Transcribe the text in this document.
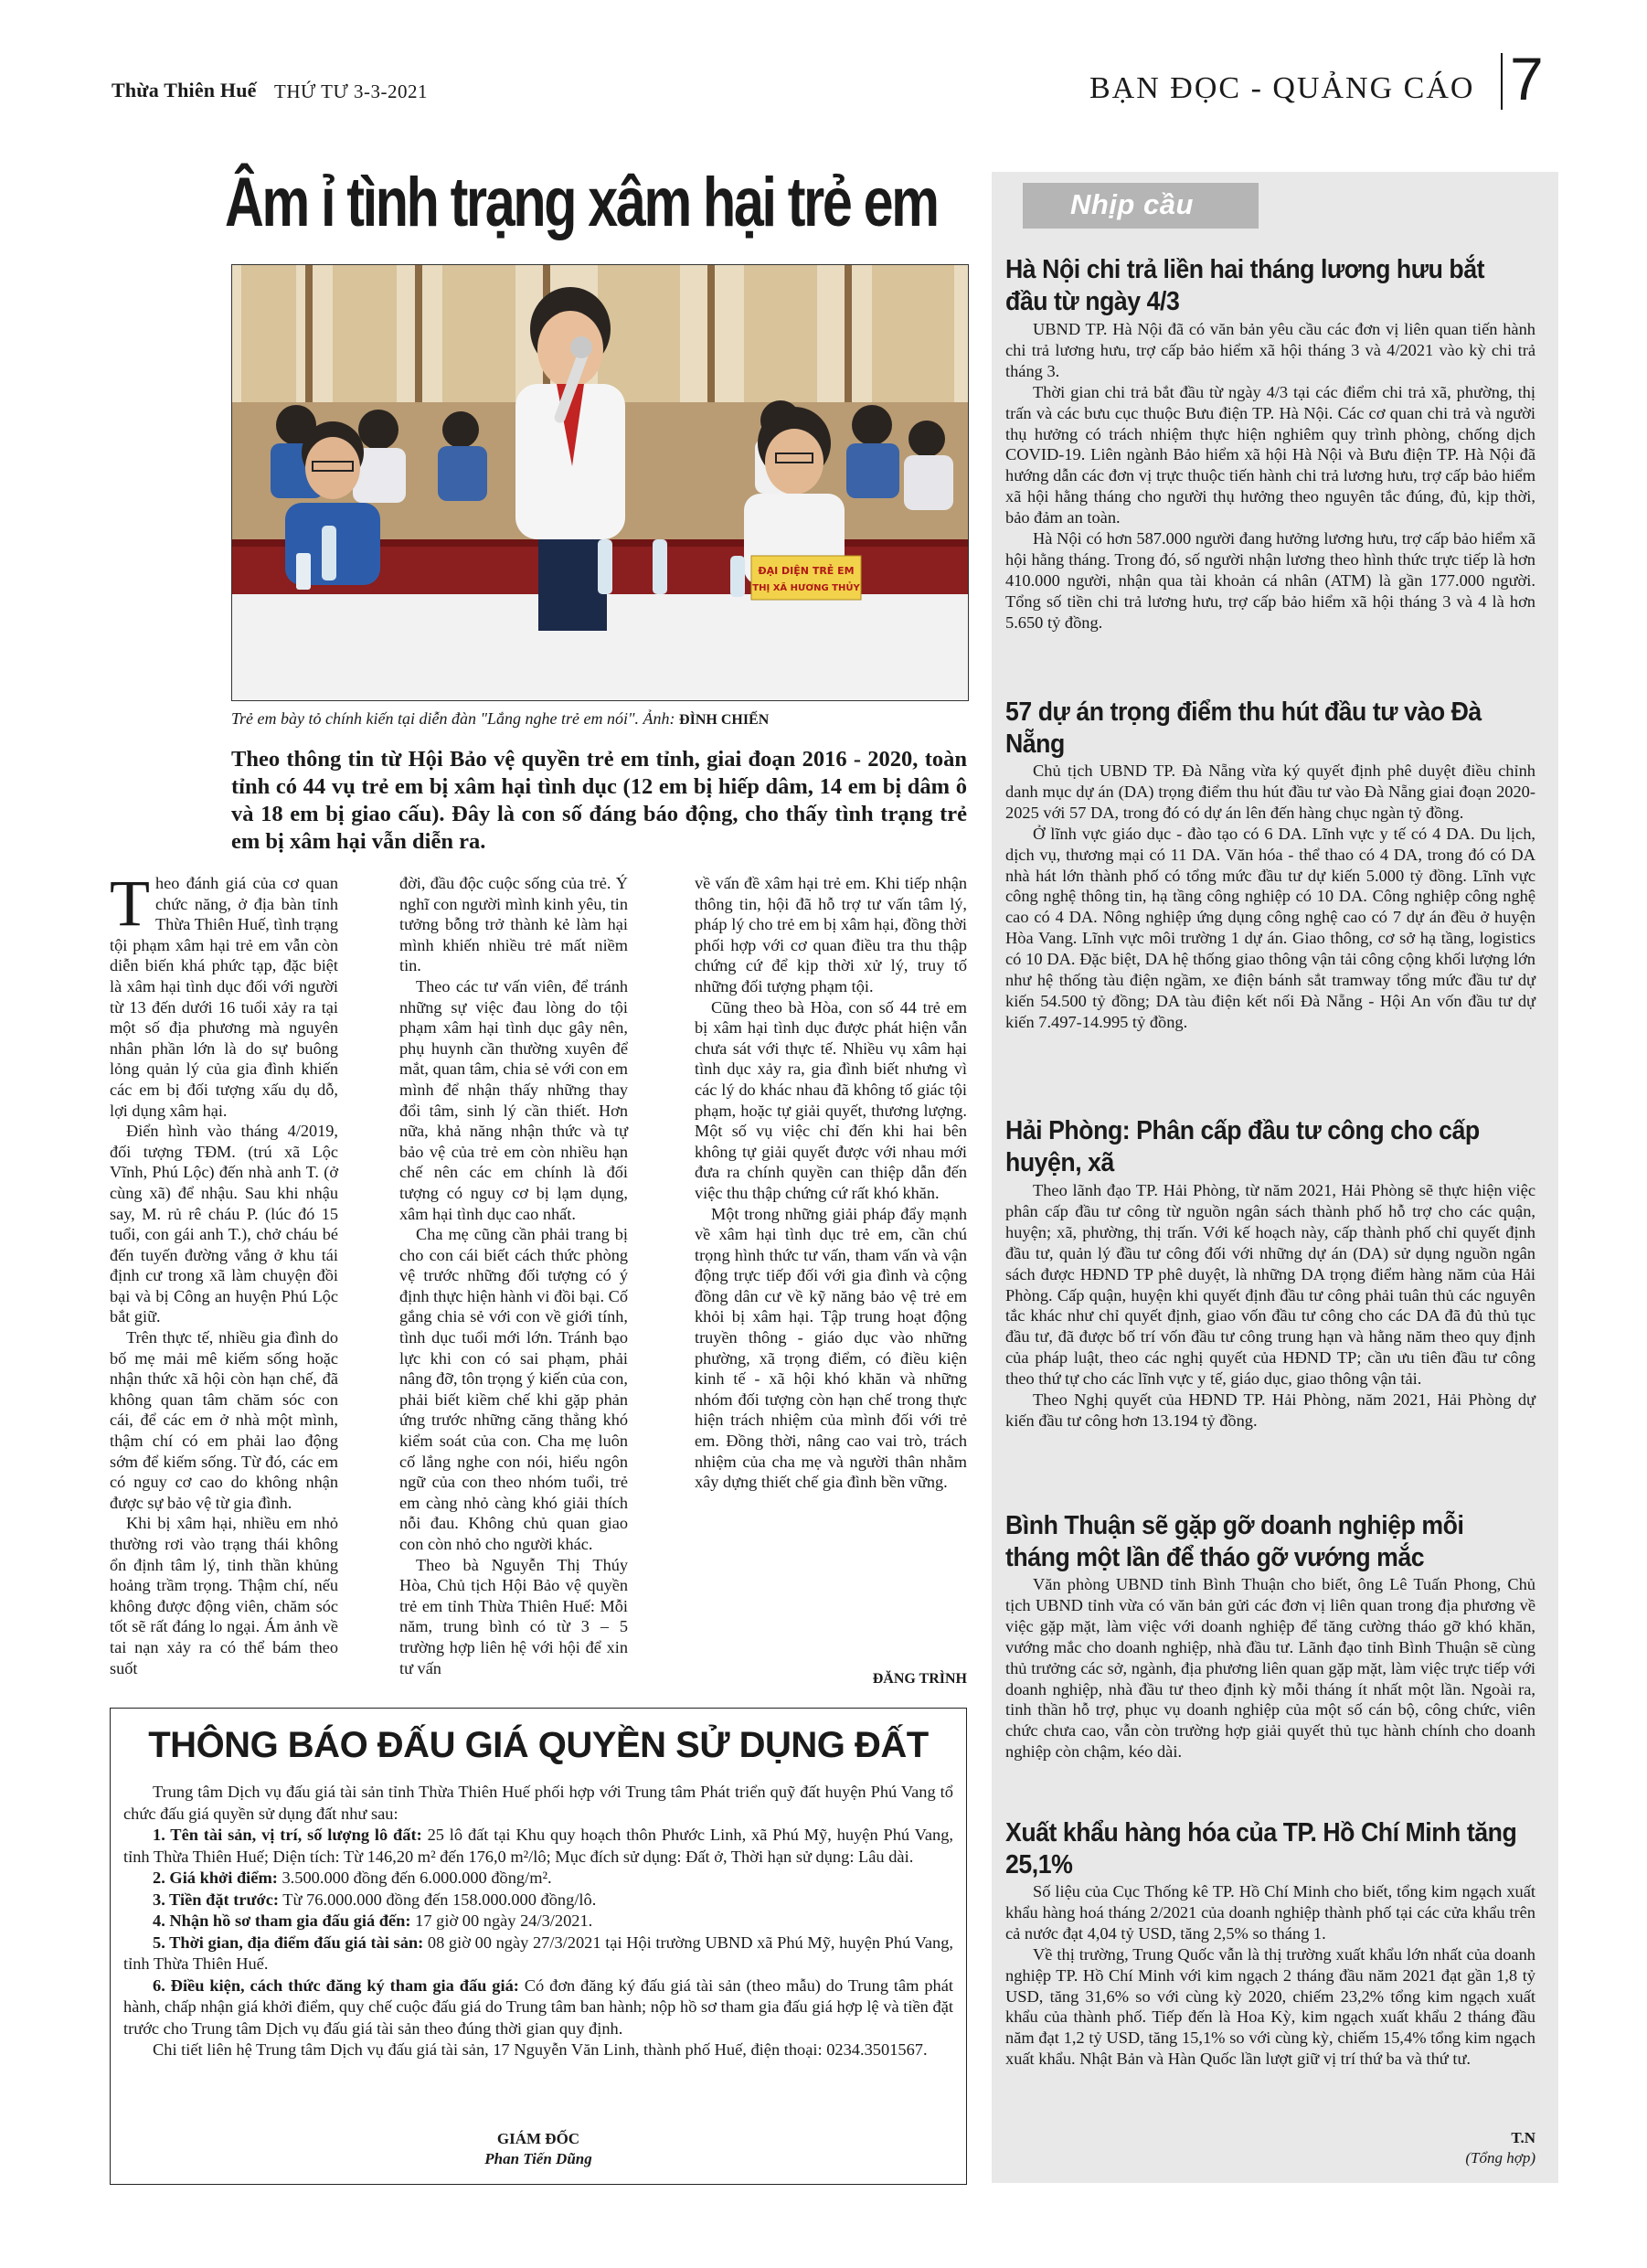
Thừa Thiên Huế THỨ TƯ 3-3-2021	BẠN ĐỌC - QUẢNG CÁO 7
Âm ỉ tình trạng xâm hại trẻ em
ĐẠI DIỆN TRẺ EM
THỊ XÃ HƯƠNG THỦY
Trẻ em bày tỏ chính kiến tại diễn đàn "Lắng nghe trẻ em nói". Ảnh: ĐÌNH CHIẾN
Theo thông tin từ Hội Bảo vệ quyền trẻ em tỉnh, giai đoạn 2016 - 2020, toàn tỉnh có 44 vụ trẻ em bị xâm hại tình dục (12 em bị hiếp dâm, 14 em bị dâm ô và 18 em bị giao cấu). Đây là con số đáng báo động, cho thấy tình trạng trẻ em bị xâm hại vẫn diễn ra.

Theo đánh giá của cơ quan chức năng, ở địa bàn tỉnh Thừa Thiên Huế, tình trạng tội phạm xâm hại trẻ em vẫn còn diễn biến khá phức tạp, đặc biệt là xâm hại tình dục đối với người từ 13 đến dưới 16 tuổi xảy ra tại một số địa phương mà nguyên nhân phần lớn là do sự buông lỏng quản lý của gia đình khiến các em bị đối tượng xấu dụ dỗ, lợi dụng xâm hại.

Điển hình vào tháng 4/2019, đối tượng TĐM. (trú xã Lộc Vĩnh, Phú Lộc) đến nhà anh T. (ở cùng xã) để nhậu. Sau khi nhậu say, M. rủ rê cháu P. (lúc đó 15 tuổi, con gái anh T.), chở cháu bé đến tuyến đường vắng ở khu tái định cư trong xã làm chuyện đồi bại và bị Công an huyện Phú Lộc bắt giữ.

Trên thực tế, nhiều gia đình do bố mẹ mải mê kiếm sống hoặc nhận thức xã hội còn hạn chế, đã không quan tâm chăm sóc con cái, để các em ở nhà một mình, thậm chí có em phải lao động sớm để kiếm sống. Từ đó, các em có nguy cơ cao do không nhận được sự bảo vệ từ gia đình.

Khi bị xâm hại, nhiều em nhỏ thường rơi vào trạng thái không ổn định tâm lý, tinh thần khủng hoảng trầm trọng. Thậm chí, nếu không được động viên, chăm sóc tốt sẽ rất đáng lo ngại. Ám ảnh về tai nạn xảy ra có thể bám theo suốt

đời, đầu độc cuộc sống của trẻ. Ý nghĩ con người mình kinh yêu, tin tưởng bỗng trở thành kẻ làm hại mình khiến nhiều trẻ mất niềm tin.

Theo các tư vấn viên, để tránh những sự việc đau lòng do tội phạm xâm hại tình dục gây nên, phụ huynh cần thường xuyên để mắt, quan tâm, chia sẻ với con em mình để nhận thấy những thay đổi tâm, sinh lý cần thiết. Hơn nữa, khả năng nhận thức và tự bảo vệ của trẻ em còn nhiều hạn chế nên các em chính là đối tượng có nguy cơ bị lạm dụng, xâm hại tình dục cao nhất.

Cha mẹ cũng cần phải trang bị cho con cái biết cách thức phòng vệ trước những đối tượng có ý định thực hiện hành vi đồi bại. Cố gắng chia sẻ với con về giới tính, tình dục tuổi mới lớn. Tránh bạo lực khi con có sai phạm, phải nâng đỡ, tôn trọng ý kiến của con, phải biết kiềm chế khi gặp phản ứng trước những căng thẳng khó kiểm soát của con. Cha mẹ luôn cố lắng nghe con nói, hiểu ngôn ngữ của con theo nhóm tuổi, trẻ em càng nhỏ càng khó giải thích nỗi đau. Không chủ quan giao con còn nhỏ cho người khác.

Theo bà Nguyễn Thị Thúy Hòa, Chủ tịch Hội Bảo vệ quyền trẻ em tỉnh Thừa Thiên Huế: Mỗi năm, trung bình có từ 3 – 5 trường hợp liên hệ với hội để xin tư vấn

về vấn đề xâm hại trẻ em. Khi tiếp nhận thông tin, hội đã hỗ trợ tư vấn tâm lý, pháp lý cho trẻ em bị xâm hại, đồng thời phối hợp với cơ quan điều tra thu thập chứng cứ để kịp thời xử lý, truy tố những đối tượng phạm tội.

Cũng theo bà Hòa, con số 44 trẻ em bị xâm hại tình dục được phát hiện vẫn chưa sát với thực tế. Nhiều vụ xâm hại tình dục xảy ra, gia đình biết nhưng vì các lý do khác nhau đã không tố giác tội phạm, hoặc tự giải quyết, thương lượng. Một số vụ việc chỉ đến khi hai bên không tự giải quyết được với nhau mới đưa ra chính quyền can thiệp dẫn đến việc thu thập chứng cứ rất khó khăn.

Một trong những giải pháp đẩy mạnh về xâm hại tình dục trẻ em, cần chú trọng hình thức tư vấn, tham vấn và vận động trực tiếp đối với gia đình và cộng đồng dân cư về kỹ năng bảo vệ trẻ em khỏi bị xâm hại. Tập trung hoạt động truyền thông - giáo dục vào những phường, xã trọng điểm, có điều kiện kinh tế - xã hội khó khăn và những nhóm đối tượng còn hạn chế trong thực hiện trách nhiệm của mình đối với trẻ em. Đồng thời, nâng cao vai trò, trách nhiệm của cha mẹ và người thân nhằm xây dựng thiết chế gia đình bền vững.

ĐĂNG TRÌNH
THÔNG BÁO ĐẤU GIÁ QUYỀN SỬ DỤNG ĐẤT

Trung tâm Dịch vụ đấu giá tài sản tỉnh Thừa Thiên Huế phối hợp với Trung tâm Phát triển quỹ đất huyện Phú Vang tổ chức đấu giá quyền sử dụng đất như sau:

1. Tên tài sản, vị trí, số lượng lô đất: 25 lô đất tại Khu quy hoạch thôn Phước Linh, xã Phú Mỹ, huyện Phú Vang, tỉnh Thừa Thiên Huế; Diện tích: Từ 146,20 m² đến 176,0 m²/lô; Mục đích sử dụng: Đất ở, Thời hạn sử dụng: Lâu dài.

2. Giá khởi điểm: 3.500.000 đồng đến 6.000.000 đồng/m².

3. Tiền đặt trước: Từ 76.000.000 đồng đến 158.000.000 đồng/lô.

4. Nhận hồ sơ tham gia đấu giá đến: 17 giờ 00 ngày 24/3/2021.

5. Thời gian, địa điểm đấu giá tài sản: 08 giờ 00 ngày 27/3/2021 tại Hội trường UBND xã Phú Mỹ, huyện Phú Vang, tỉnh Thừa Thiên Huế.

6. Điều kiện, cách thức đăng ký tham gia đấu giá: Có đơn đăng ký đấu giá tài sản (theo mẫu) do Trung tâm phát hành, chấp nhận giá khởi điểm, quy chế cuộc đấu giá do Trung tâm ban hành; nộp hồ sơ tham gia đấu giá hợp lệ và tiền đặt trước cho Trung tâm Dịch vụ đấu giá tài sản theo đúng thời gian quy định.

Chi tiết liên hệ Trung tâm Dịch vụ đấu giá tài sản, 17 Nguyễn Văn Linh, thành phố Huế, điện thoại: 0234.3501567.

GIÁM ĐỐC
Phan Tiến Dũng
Nhịp cầu
Hà Nội chi trả liền hai tháng lương hưu bắt đầu từ ngày 4/3

UBND TP. Hà Nội đã có văn bản yêu cầu các đơn vị liên quan tiến hành chi trả lương hưu, trợ cấp bảo hiểm xã hội tháng 3 và 4/2021 vào kỳ chi trả tháng 3.

Thời gian chi trả bắt đầu từ ngày 4/3 tại các điểm chi trả xã, phường, thị trấn và các bưu cục thuộc Bưu điện TP. Hà Nội. Các cơ quan chi trả và người thụ hưởng có trách nhiệm thực hiện nghiêm quy trình phòng, chống dịch COVID-19. Liên ngành Bảo hiểm xã hội Hà Nội và Bưu điện TP. Hà Nội đã hướng dẫn các đơn vị trực thuộc tiến hành chi trả lương hưu, trợ cấp bảo hiểm xã hội hằng tháng cho người thụ hưởng theo nguyên tắc đúng, đủ, kịp thời, bảo đảm an toàn.

Hà Nội có hơn 587.000 người đang hưởng lương hưu, trợ cấp bảo hiểm xã hội hằng tháng. Trong đó, số người nhận lương theo hình thức trực tiếp là hơn 410.000 người, nhận qua tài khoản cá nhân (ATM) là gần 177.000 người. Tổng số tiền chi trả lương hưu, trợ cấp bảo hiểm xã hội tháng 3 và 4 là hơn 5.650 tỷ đồng.

57 dự án trọng điểm thu hút đầu tư vào Đà Nẵng

Chủ tịch UBND TP. Đà Nẵng vừa ký quyết định phê duyệt điều chỉnh danh mục dự án (DA) trọng điểm thu hút đầu tư vào Đà Nẵng giai đoạn 2020-2025 với 57 DA, trong đó có dự án lên đến hàng chục ngàn tỷ đồng.

Ở lĩnh vực giáo dục - đào tạo có 6 DA. Lĩnh vực y tế có 4 DA. Du lịch, dịch vụ, thương mại có 11 DA. Văn hóa - thể thao có 4 DA, trong đó có DA nhà hát lớn thành phố có tổng mức đầu tư dự kiến 5.000 tỷ đồng. Lĩnh vực công nghệ thông tin, hạ tầng công nghiệp có 10 DA. Công nghiệp công nghệ cao có 4 DA. Nông nghiệp ứng dụng công nghệ cao có 7 dự án đều ở huyện Hòa Vang. Lĩnh vực môi trường 1 dự án. Giao thông, cơ sở hạ tầng, logistics có 10 DA. Đặc biệt, DA hệ thống giao thông vận tải công cộng khối lượng lớn như hệ thống tàu điện ngầm, xe điện bánh sắt tramway tổng mức đầu tư dự kiến 54.500 tỷ đồng; DA tàu điện kết nối Đà Nẵng - Hội An vốn đầu tư dự kiến 7.497-14.995 tỷ đồng.

Hải Phòng: Phân cấp đầu tư công cho cấp huyện, xã

Theo lãnh đạo TP. Hải Phòng, từ năm 2021, Hải Phòng sẽ thực hiện việc phân cấp đầu tư công từ nguồn ngân sách thành phố hỗ trợ cho các quận, huyện; xã, phường, thị trấn. Với kế hoạch này, cấp thành phố chỉ quyết định đầu tư, quản lý đầu tư công đối với những dự án (DA) sử dụng nguồn ngân sách được HĐND TP phê duyệt, là những DA trọng điểm hàng năm của Hải Phòng. Cấp quận, huyện khi quyết định đầu tư công phải tuân thủ các nguyên tắc khác như chỉ quyết định, giao vốn đầu tư công cho các DA đã đủ thủ tục đầu tư, đã được bố trí vốn đầu tư công trung hạn và hằng năm theo quy định của pháp luật, theo các nghị quyết của HĐND TP; cần ưu tiên đầu tư công theo thứ tự cho các lĩnh vực y tế, giáo dục, giao thông vận tải.

Theo Nghị quyết của HĐND TP. Hải Phòng, năm 2021, Hải Phòng dự kiến đầu tư công hơn 13.194 tỷ đồng.

Bình Thuận sẽ gặp gỡ doanh nghiệp mỗi tháng một lần để tháo gỡ vướng mắc

Văn phòng UBND tỉnh Bình Thuận cho biết, ông Lê Tuấn Phong, Chủ tịch UBND tỉnh vừa có văn bản gửi các đơn vị liên quan trong địa phương về việc gặp mặt, làm việc với doanh nghiệp để tăng cường tháo gỡ khó khăn, vướng mắc cho doanh nghiệp, nhà đầu tư. Lãnh đạo tỉnh Bình Thuận sẽ cùng thủ trưởng các sở, ngành, địa phương liên quan gặp mặt, làm việc trực tiếp với doanh nghiệp, nhà đầu tư theo định kỳ mỗi tháng ít nhất một lần. Ngoài ra, tinh thần hỗ trợ, phục vụ doanh nghiệp của một số cán bộ, công chức, viên chức chưa cao, vẫn còn trường hợp giải quyết thủ tục hành chính cho doanh nghiệp còn chậm, kéo dài.

Xuất khẩu hàng hóa của TP. Hồ Chí Minh tăng 25,1%

Số liệu của Cục Thống kê TP. Hồ Chí Minh cho biết, tổng kim ngạch xuất khẩu hàng hoá tháng 2/2021 của doanh nghiệp thành phố tại các cửa khẩu trên cả nước đạt 4,04 tỷ USD, tăng 2,5% so tháng 1.

Về thị trường, Trung Quốc vẫn là thị trường xuất khẩu lớn nhất của doanh nghiệp TP. Hồ Chí Minh với kim ngạch 2 tháng đầu năm 2021 đạt gần 1,8 tỷ USD, tăng 31,6% so với cùng kỳ 2020, chiếm 23,2% tổng kim ngạch xuất khẩu của thành phố. Tiếp đến là Hoa Kỳ, kim ngạch xuất khẩu 2 tháng đầu năm đạt 1,2 tỷ USD, tăng 15,1% so với cùng kỳ, chiếm 15,4% tổng kim ngạch xuất khẩu. Nhật Bản và Hàn Quốc lần lượt giữ vị trí thứ ba và thứ tư.

T.N
(Tổng hợp)
